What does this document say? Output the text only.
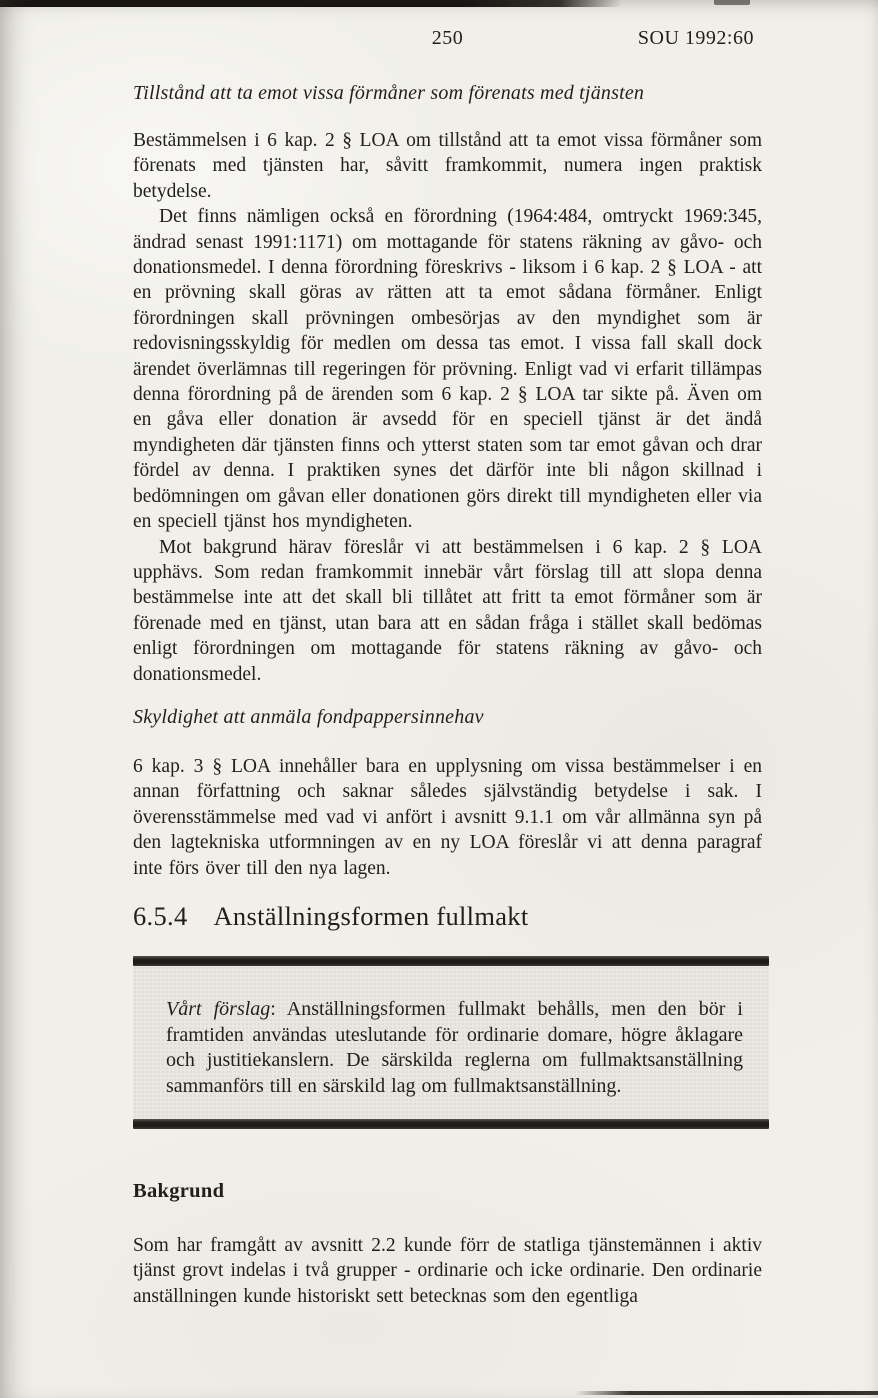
250	SOU 1992:60
Tillstånd att ta emot vissa förmåner som förenats med tjänsten

Bestämmelsen i 6 kap. 2 § LOA om tillstånd att ta emot vissa förmåner som förenats med tjänsten har, såvitt framkommit, numera ingen praktisk betydelse.

Det finns nämligen också en förordning (1964:484, omtryckt 1969:345, ändrad senast 1991:1171) om mottagande för statens räkning av gåvo- och donationsmedel. I denna förordning föreskrivs - liksom i 6 kap. 2 § LOA - att en prövning skall göras av rätten att ta emot sådana förmåner. Enligt förordningen skall prövningen ombesörjas av den myndighet som är redovisningsskyldig för medlen om dessa tas emot. I vissa fall skall dock ärendet överlämnas till regeringen för prövning. Enligt vad vi erfarit tillämpas denna förordning på de ärenden som 6 kap. 2 § LOA tar sikte på. Även om en gåva eller donation är avsedd för en speciell tjänst är det ändå myndigheten där tjänsten finns och ytterst staten som tar emot gåvan och drar fördel av denna. I praktiken synes det därför inte bli någon skillnad i bedömningen om gåvan eller donationen görs direkt till myndigheten eller via en speciell tjänst hos myndigheten.

Mot bakgrund härav föreslår vi att bestämmelsen i 6 kap. 2 § LOA upphävs. Som redan framkommit innebär vårt förslag till att slopa denna bestämmelse inte att det skall bli tillåtet att fritt ta emot förmåner som är förenade med en tjänst, utan bara att en sådan fråga i stället skall bedömas enligt förordningen om mottagande för statens räkning av gåvo- och donationsmedel.

Skyldighet att anmäla fondpappersinnehav

6 kap. 3 § LOA innehåller bara en upplysning om vissa bestämmelser i en annan författning och saknar således självständig betydelse i sak. I överensstämmelse med vad vi anfört i avsnitt 9.1.1 om vår allmänna syn på den lagtekniska utformningen av en ny LOA föreslår vi att denna paragraf inte förs över till den nya lagen.

6.5.4 Anställningsformen fullmakt
Vårt förslag: Anställningsformen fullmakt behålls, men den bör i framtiden användas uteslutande för ordinarie domare, högre åklagare och justitiekanslern. De särskilda reglerna om fullmaktsanställning sammanförs till en särskild lag om fullmaktsanställning.
Bakgrund

Som har framgått av avsnitt 2.2 kunde förr de statliga tjänstemännen i aktiv tjänst grovt indelas i två grupper - ordinarie och icke ordinarie. Den ordinarie anställningen kunde historiskt sett betecknas som den egentliga
